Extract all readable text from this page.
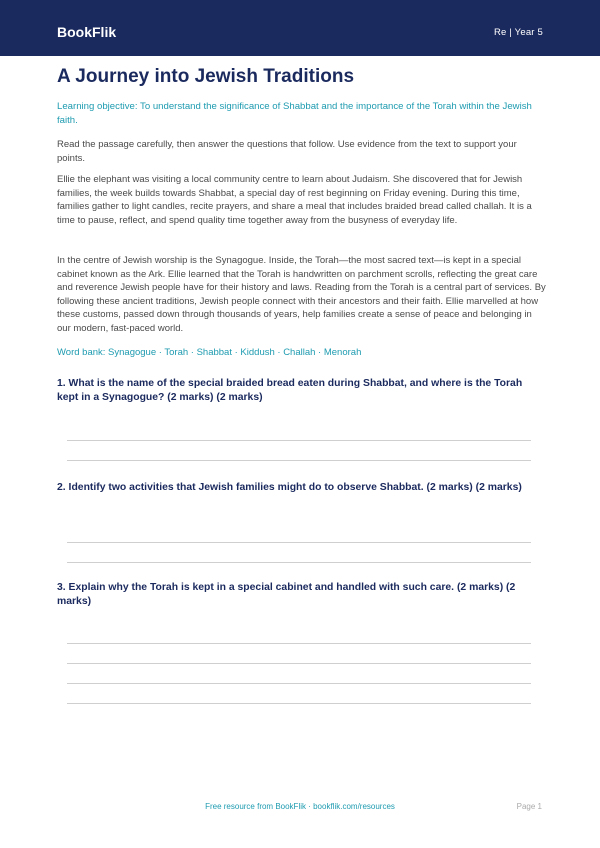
BookFlik	Re | Year 5
A Journey into Jewish Traditions

Learning objective: To understand the significance of Shabbat and the importance of the Torah within the Jewish faith.

Read the passage carefully, then answer the questions that follow. Use evidence from the text to support your points.

Ellie the elephant was visiting a local community centre to learn about Judaism. She discovered that for Jewish families, the week builds towards Shabbat, a special day of rest beginning on Friday evening. During this time, families gather to light candles, recite prayers, and share a meal that includes braided bread called challah. It is a time to pause, reflect, and spend quality time together away from the busyness of everyday life.

In the centre of Jewish worship is the Synagogue. Inside, the Torah—the most sacred text—is kept in a special cabinet known as the Ark. Ellie learned that the Torah is handwritten on parchment scrolls, reflecting the great care and reverence Jewish people have for their history and laws. Reading from the Torah is a central part of services. By following these ancient traditions, Jewish people connect with their ancestors and their faith. Ellie marvelled at how these customs, passed down through thousands of years, help families create a sense of peace and belonging in our modern, fast-paced world.

Word bank: Synagogue · Torah · Shabbat · Kiddush · Challah · Menorah

1. What is the name of the special braided bread eaten during Shabbat, and where is the Torah kept in a Synagogue? (2 marks) (2 marks)

2. Identify two activities that Jewish families might do to observe Shabbat. (2 marks) (2 marks)

3. Explain why the Torah is kept in a special cabinet and handled with such care. (2 marks) (2 marks)

Free resource from BookFlik · bookflik.com/resources	Page 1
